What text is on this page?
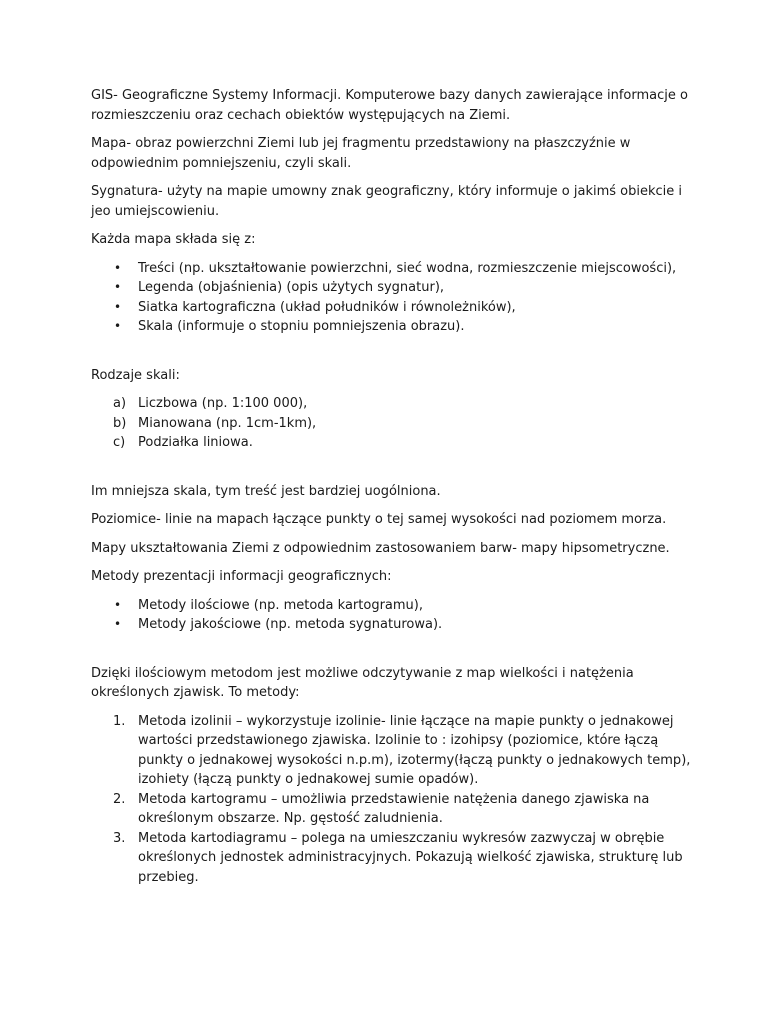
GIS- Geograficzne Systemy Informacji. Komputerowe bazy danych zawierające informacje o rozmieszczeniu oraz cechach obiektów występujących na Ziemi.

Mapa- obraz powierzchni Ziemi lub jej fragmentu przedstawiony na płaszczyźnie w odpowiednim pomniejszeniu, czyli skali.

Sygnatura- użyty na mapie umowny znak geograficzny, który informuje o jakimś obiekcie i jeo umiejscowieniu.

Każda mapa składa się z:

• Treści (np. ukształtowanie powierzchni, sieć wodna, rozmieszczenie miejscowości),
• Legenda (objaśnienia) (opis użytych sygnatur),
• Siatka kartograficzna (układ południków i równoleżników),
• Skala (informuje o stopniu pomniejszenia obrazu).

Rodzaje skali:

a) Liczbowa (np. 1:100 000),
b) Mianowana (np. 1cm-1km),
c) Podziałka liniowa.

Im mniejsza skala, tym treść jest bardziej uogólniona.

Poziomice- linie na mapach łączące punkty o tej samej wysokości nad poziomem morza.

Mapy ukształtowania Ziemi z odpowiednim zastosowaniem barw- mapy hipsometryczne.

Metody prezentacji informacji geograficznych:

• Metody ilościowe (np. metoda kartogramu),
• Metody jakościowe (np. metoda sygnaturowa).

Dzięki ilościowym metodom jest możliwe odczytywanie z map wielkości i natężenia określonych zjawisk. To metody:

1. Metoda izolinii – wykorzystuje izolinie- linie łączące na mapie punkty o jednakowej wartości przedstawionego zjawiska. Izolinie to : izohipsy (poziomice, które łączą punkty o jednakowej wysokości n.p.m), izotermy(łączą punkty o jednakowych temp), izohiety (łączą punkty o jednakowej sumie opadów).
2. Metoda kartogramu – umożliwia przedstawienie natężenia danego zjawiska na określonym obszarze. Np. gęstość zaludnienia.
3. Metoda kartodiagramu – polega na umieszczaniu wykresów zazwyczaj w obrębie określonych jednostek administracyjnych. Pokazują wielkość zjawiska, strukturę lub przebieg.
